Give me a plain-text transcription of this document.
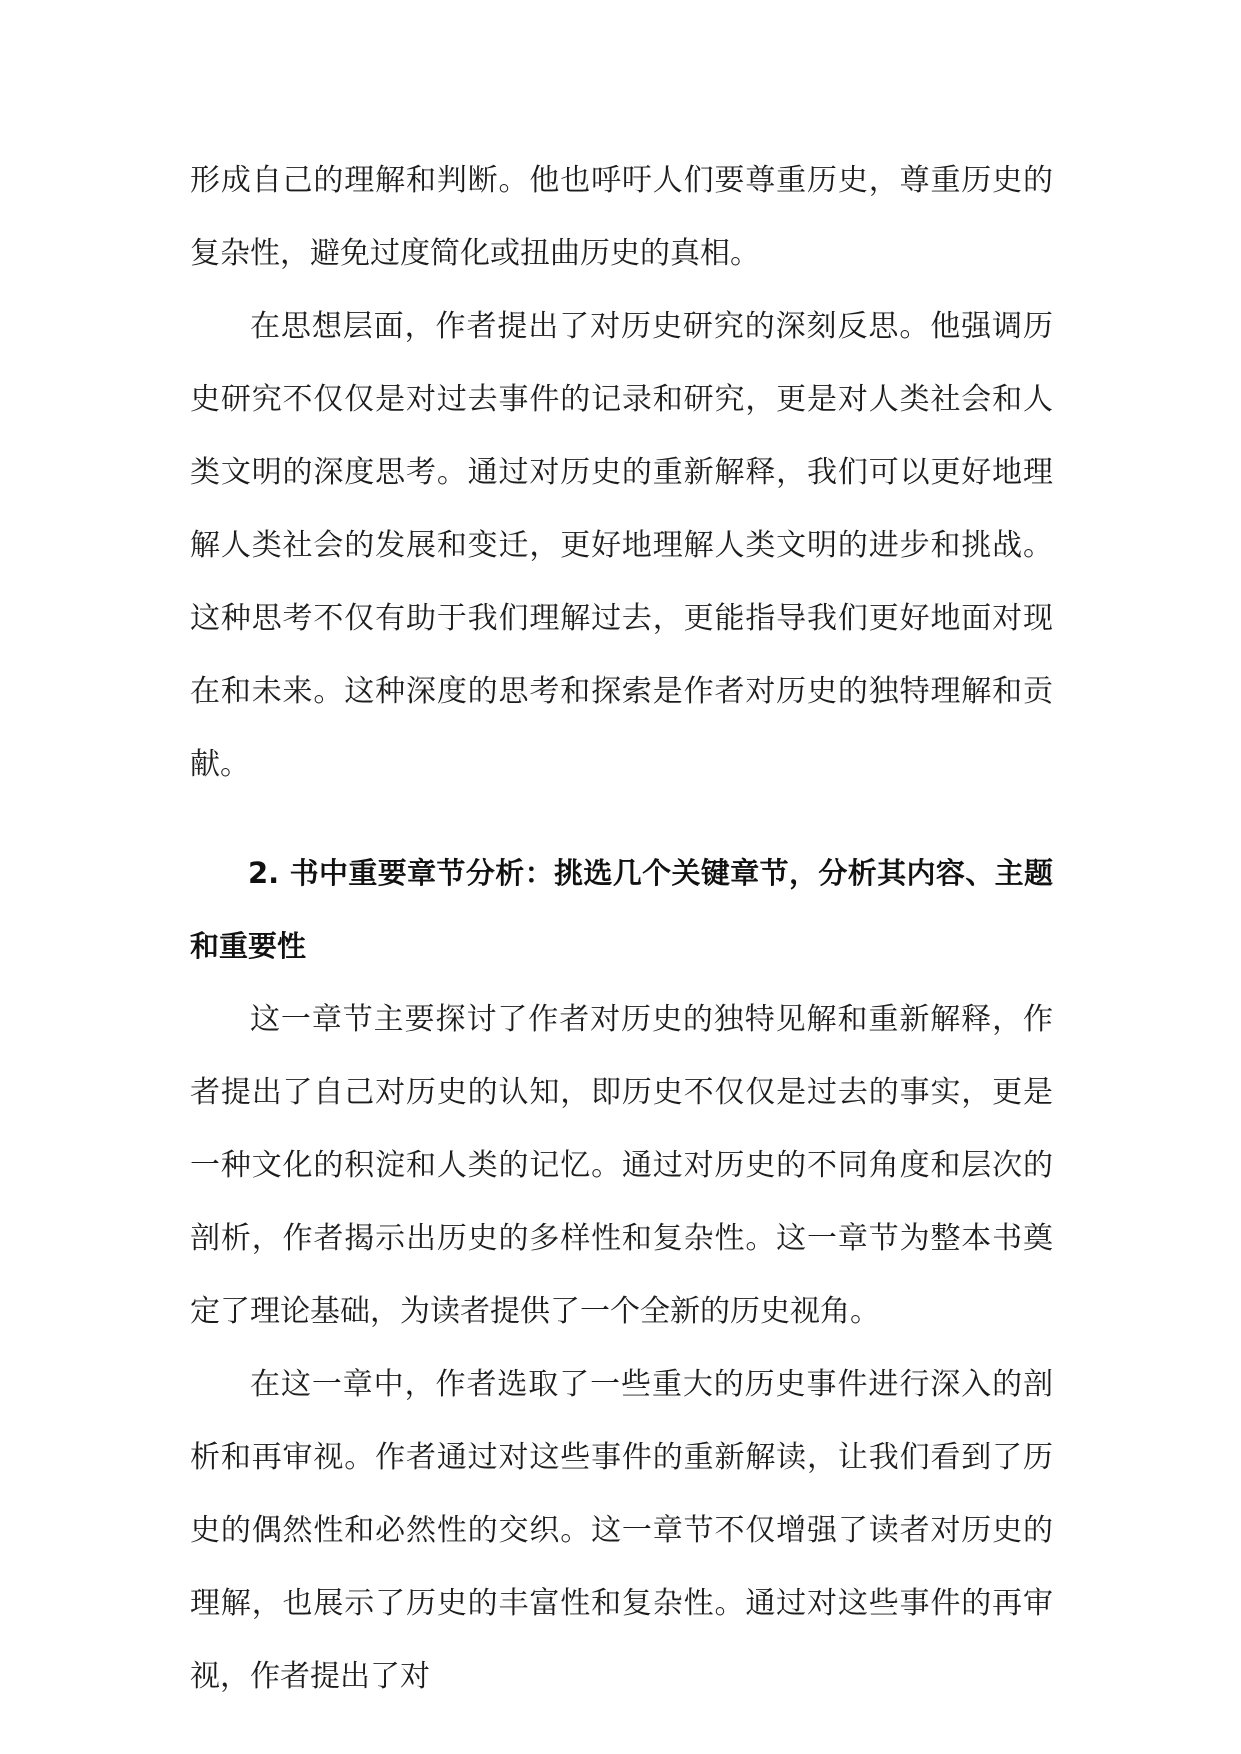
形成自己的理解和判断。他也呼吁人们要尊重历史，尊重历史的复杂性，避免过度简化或扭曲历史的真相。

在思想层面，作者提出了对历史研究的深刻反思。他强调历史研究不仅仅是对过去事件的记录和研究，更是对人类社会和人类文明的深度思考。通过对历史的重新解释，我们可以更好地理解人类社会的发展和变迁，更好地理解人类文明的进步和挑战。这种思考不仅有助于我们理解过去，更能指导我们更好地面对现在和未来。这种深度的思考和探索是作者对历史的独特理解和贡献。

2. 书中重要章节分析：挑选几个关键章节，分析其内容、主题和重要性

这一章节主要探讨了作者对历史的独特见解和重新解释，作者提出了自己对历史的认知，即历史不仅仅是过去的事实，更是一种文化的积淀和人类的记忆。通过对历史的不同角度和层次的剖析，作者揭示出历史的多样性和复杂性。这一章节为整本书奠定了理论基础，为读者提供了一个全新的历史视角。

在这一章中，作者选取了一些重大的历史事件进行深入的剖析和再审视。作者通过对这些事件的重新解读，让我们看到了历史的偶然性和必然性的交织。这一章节不仅增强了读者对历史的理解，也展示了历史的丰富性和复杂性。通过对这些事件的再审视，作者提出了对
